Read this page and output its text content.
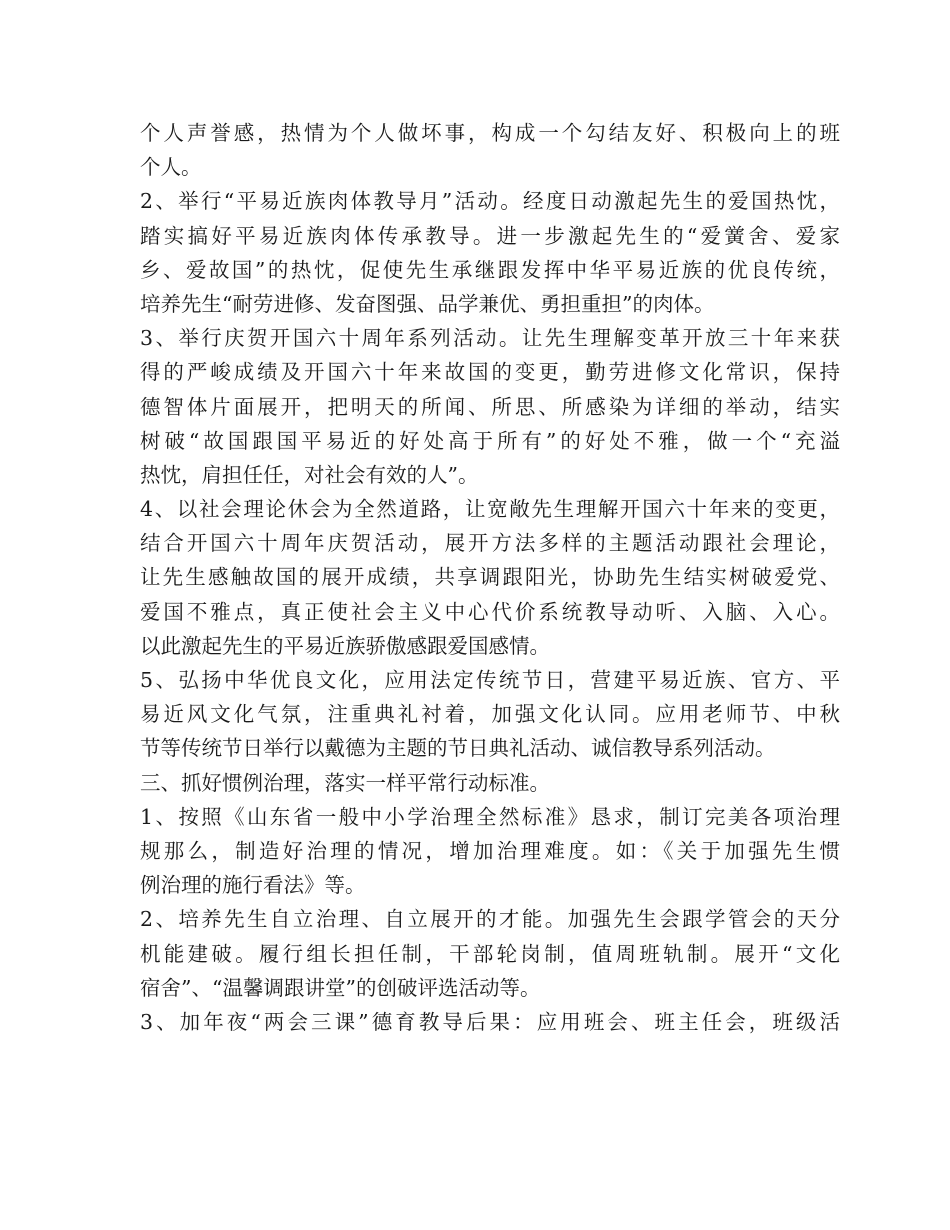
个人声誉感，热情为个人做坏事，构成一个勾结友好、积极向上的班
个人。
2、举行“平易近族肉体教导月”活动。经度日动激起先生的爱国热忱，
踏实搞好平易近族肉体传承教导。进一步激起先生的“爱黉舍、爱家
乡、爱故国”的热忱，促使先生承继跟发挥中华平易近族的优良传统，
培养先生“耐劳进修、发奋图强、品学兼优、勇担重担”的肉体。
3、举行庆贺开国六十周年系列活动。让先生理解变革开放三十年来获
得的严峻成绩及开国六十年来故国的变更，勤劳进修文化常识，保持
德智体片面展开，把明天的所闻、所思、所感染为详细的举动，结实
树破“故国跟国平易近的好处高于所有”的好处不雅，做一个“充溢
热忱，肩担任任，对社会有效的人”。
4、以社会理论休会为全然道路，让宽敞先生理解开国六十年来的变更，
结合开国六十周年庆贺活动，展开方法多样的主题活动跟社会理论，
让先生感触故国的展开成绩，共享调跟阳光，协助先生结实树破爱党、
爱国不雅点，真正使社会主义中心代价系统教导动听、入脑、入心。
以此激起先生的平易近族骄傲感跟爱国感情。
5、弘扬中华优良文化，应用法定传统节日，营建平易近族、官方、平
易近风文化气氛，注重典礼衬着，加强文化认同。应用老师节、中秋
节等传统节日举行以戴德为主题的节日典礼活动、诚信教导系列活动。
三、抓好惯例治理，落实一样平常行动标准。
1、按照《山东省一般中小学治理全然标准》恳求，制订完美各项治理
规那么，制造好治理的情况，增加治理难度。如：《关于加强先生惯
例治理的施行看法》等。
2、培养先生自立治理、自立展开的才能。加强先生会跟学管会的天分
机能建破。履行组长担任制，干部轮岗制，值周班轨制。展开“文化
宿舍”、“温馨调跟讲堂”的创破评选活动等。
3、加年夜“两会三课”德育教导后果：应用班会、班主任会，班级活
